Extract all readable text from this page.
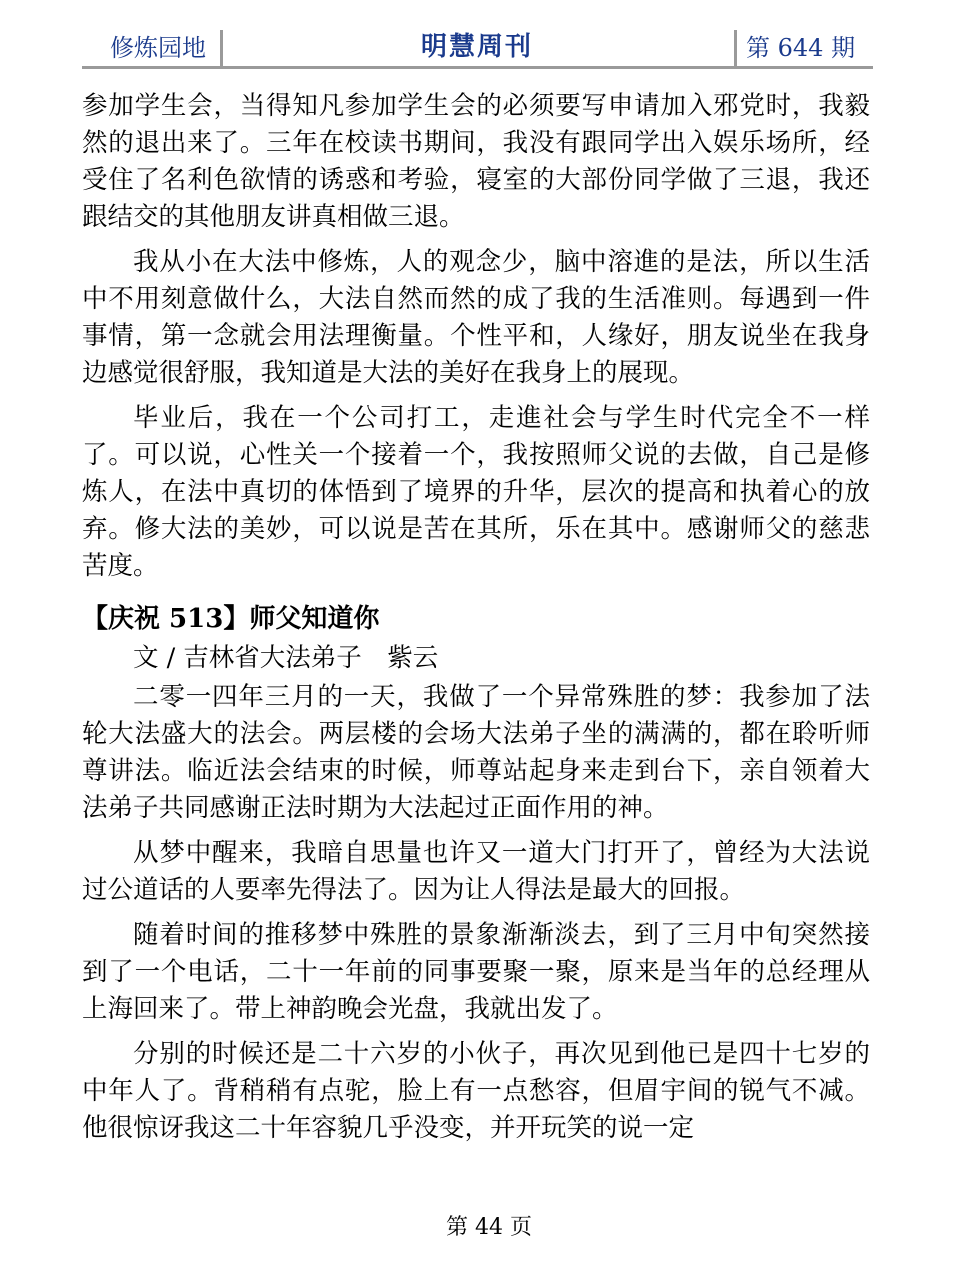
修炼园地	明慧周刊	第 644 期

参加学生会，当得知凡参加学生会的必须要写申请加入邪党时，我毅然的退出来了。三年在校读书期间，我没有跟同学出入娱乐场所，经受住了名利色欲情的诱惑和考验，寝室的大部份同学做了三退，我还跟结交的其他朋友讲真相做三退。

我从小在大法中修炼，人的观念少，脑中溶進的是法，所以生活中不用刻意做什么，大法自然而然的成了我的生活准则。每遇到一件事情，第一念就会用法理衡量。个性平和，人缘好，朋友说坐在我身边感觉很舒服，我知道是大法的美好在我身上的展现。

毕业后，我在一个公司打工，走進社会与学生时代完全不一样了。可以说，心性关一个接着一个，我按照师父说的去做，自己是修炼人，在法中真切的体悟到了境界的升华，层次的提高和执着心的放弃。修大法的美妙，可以说是苦在其所，乐在其中。感谢师父的慈悲苦度。

【庆祝 513】师父知道你
文 / 吉林省大法弟子　紫云

二零一四年三月的一天，我做了一个异常殊胜的梦：我参加了法轮大法盛大的法会。两层楼的会场大法弟子坐的满满的，都在聆听师尊讲法。临近法会结束的时候，师尊站起身来走到台下，亲自领着大法弟子共同感谢正法时期为大法起过正面作用的神。

从梦中醒来，我暗自思量也许又一道大门打开了，曾经为大法说过公道话的人要率先得法了。因为让人得法是最大的回报。

随着时间的推移梦中殊胜的景象渐渐淡去，到了三月中旬突然接到了一个电话，二十一年前的同事要聚一聚，原来是当年的总经理从上海回来了。带上神韵晚会光盘，我就出发了。

分别的时候还是二十六岁的小伙子，再次见到他已是四十七岁的中年人了。背稍稍有点驼，脸上有一点愁容，但眉宇间的锐气不减。他很惊讶我这二十年容貌几乎没变，并开玩笑的说一定

第 44 页
